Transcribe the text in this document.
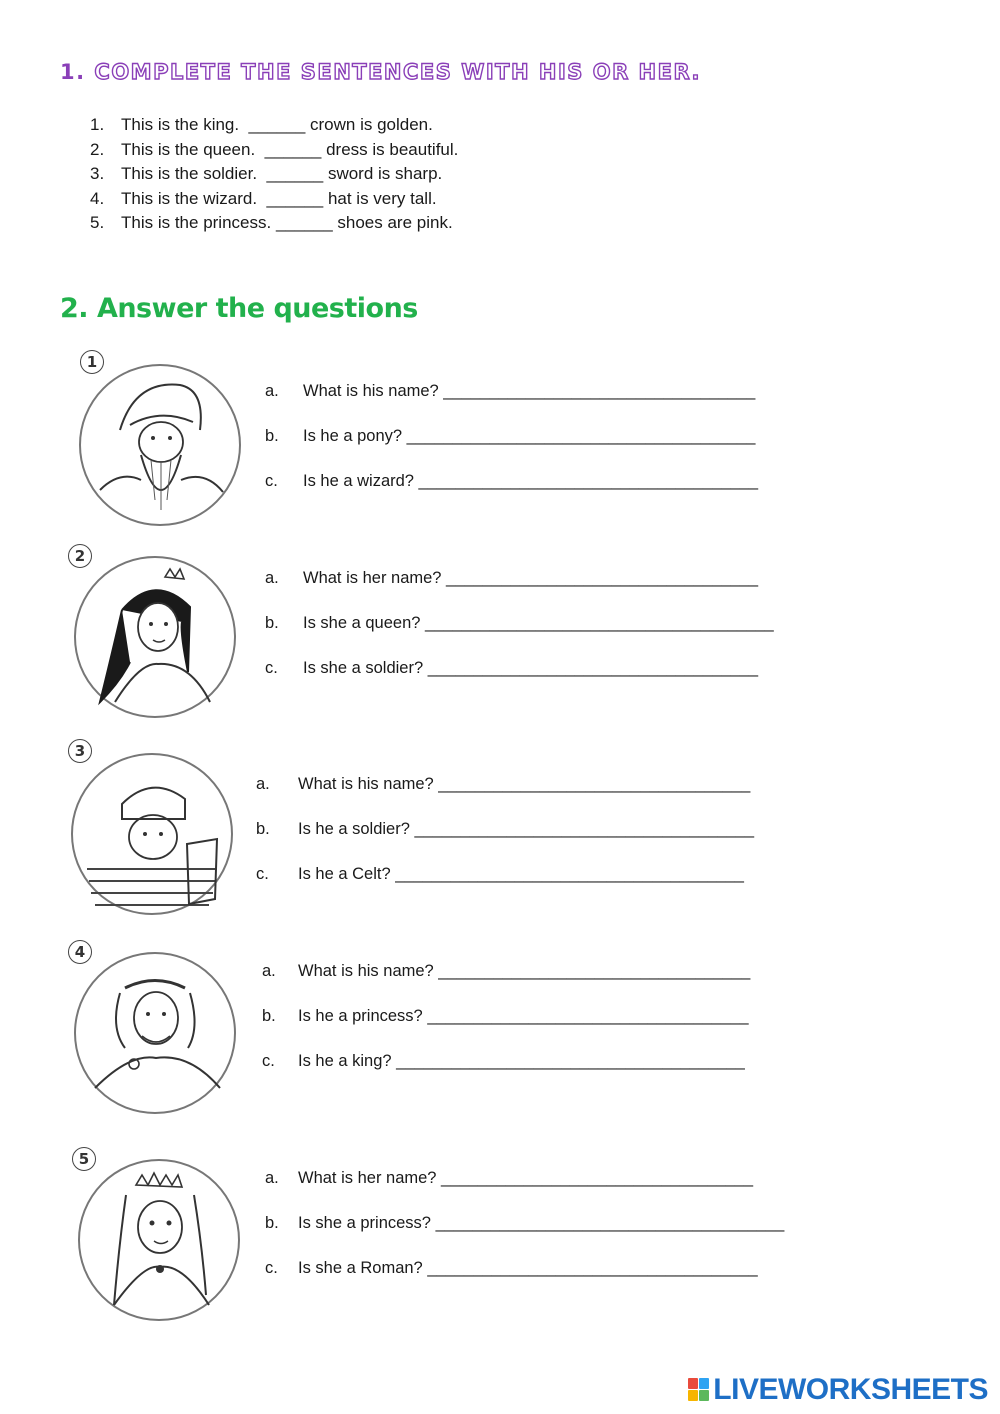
1. COMPLETE THE SENTENCES WITH HIS OR HER.
1. This is the king.  ______ crown is golden.
2. This is the queen.  ______ dress is beautiful.
3. This is the soldier.  ______ sword is sharp.
4. This is the wizard.  ______ hat is very tall.
5. This is the princess. ______ shoes are pink.
2. Answer the questions
1
a. What is his name? __________________________________
b. Is he a pony? ______________________________________
c. Is he a wizard? _____________________________________
2
a. What is her name? __________________________________
b. Is she a queen? ______________________________________
c. Is she a soldier? ____________________________________
3
a. What is his name? __________________________________
b. Is he a soldier? _____________________________________
c. Is he a Celt? ______________________________________
4
a. What is his name? __________________________________
b. Is he a princess? ___________________________________
c. Is he a king? ______________________________________
5
a. What is her name? __________________________________
b. Is she a princess? ______________________________________
c. Is she a Roman? ____________________________________
LIVEWORKSHEETS
